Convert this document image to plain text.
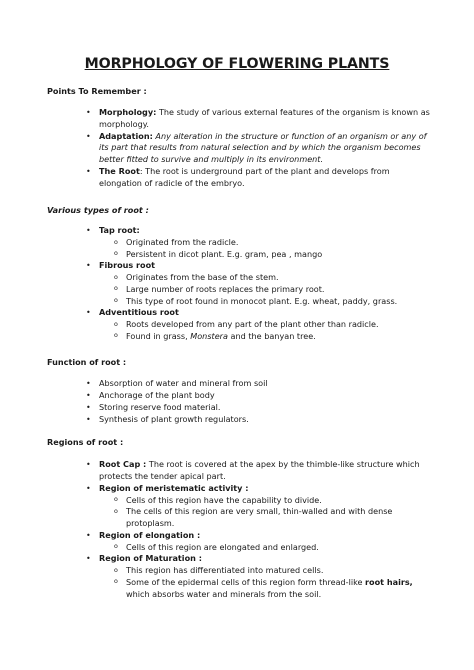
MORPHOLOGY OF FLOWERING PLANTS
Points To Remember :
• Morphology: The study of various external features of the organism is known as morphology.
• Adaptation: Any alteration in the structure or function of an organism or any of its part that results from natural selection and by which the organism becomes better fitted to survive and multiply in its environment.
• The Root: The root is underground part of the plant and develops from elongation of radicle of the embryo.
Various types of root :
• Tap root:
o Originated from the radicle.
o Persistent in dicot plant. E.g. gram, pea , mango
• Fibrous root
o Originates from the base of the stem.
o Large number of roots replaces the primary root.
o This type of root found in monocot plant. E.g. wheat, paddy, grass.
• Adventitious root
o Roots developed from any part of the plant other than radicle.
o Found in grass, Monstera and the banyan tree.
Function of root :
• Absorption of water and mineral from soil
• Anchorage of the plant body
• Storing reserve food material.
• Synthesis of plant growth regulators.
Regions of root :
• Root Cap : The root is covered at the apex by the thimble-like structure which protects the tender apical part.
• Region of meristematic activity :
o Cells of this region have the capability to divide.
o The cells of this region are very small, thin-walled and with dense protoplasm.
• Region of elongation :
o Cells of this region are elongated and enlarged.
• Region of Maturation :
o This region has differentiated into matured cells.
o Some of the epidermal cells of this region form thread-like root hairs, which absorbs water and minerals from the soil.
